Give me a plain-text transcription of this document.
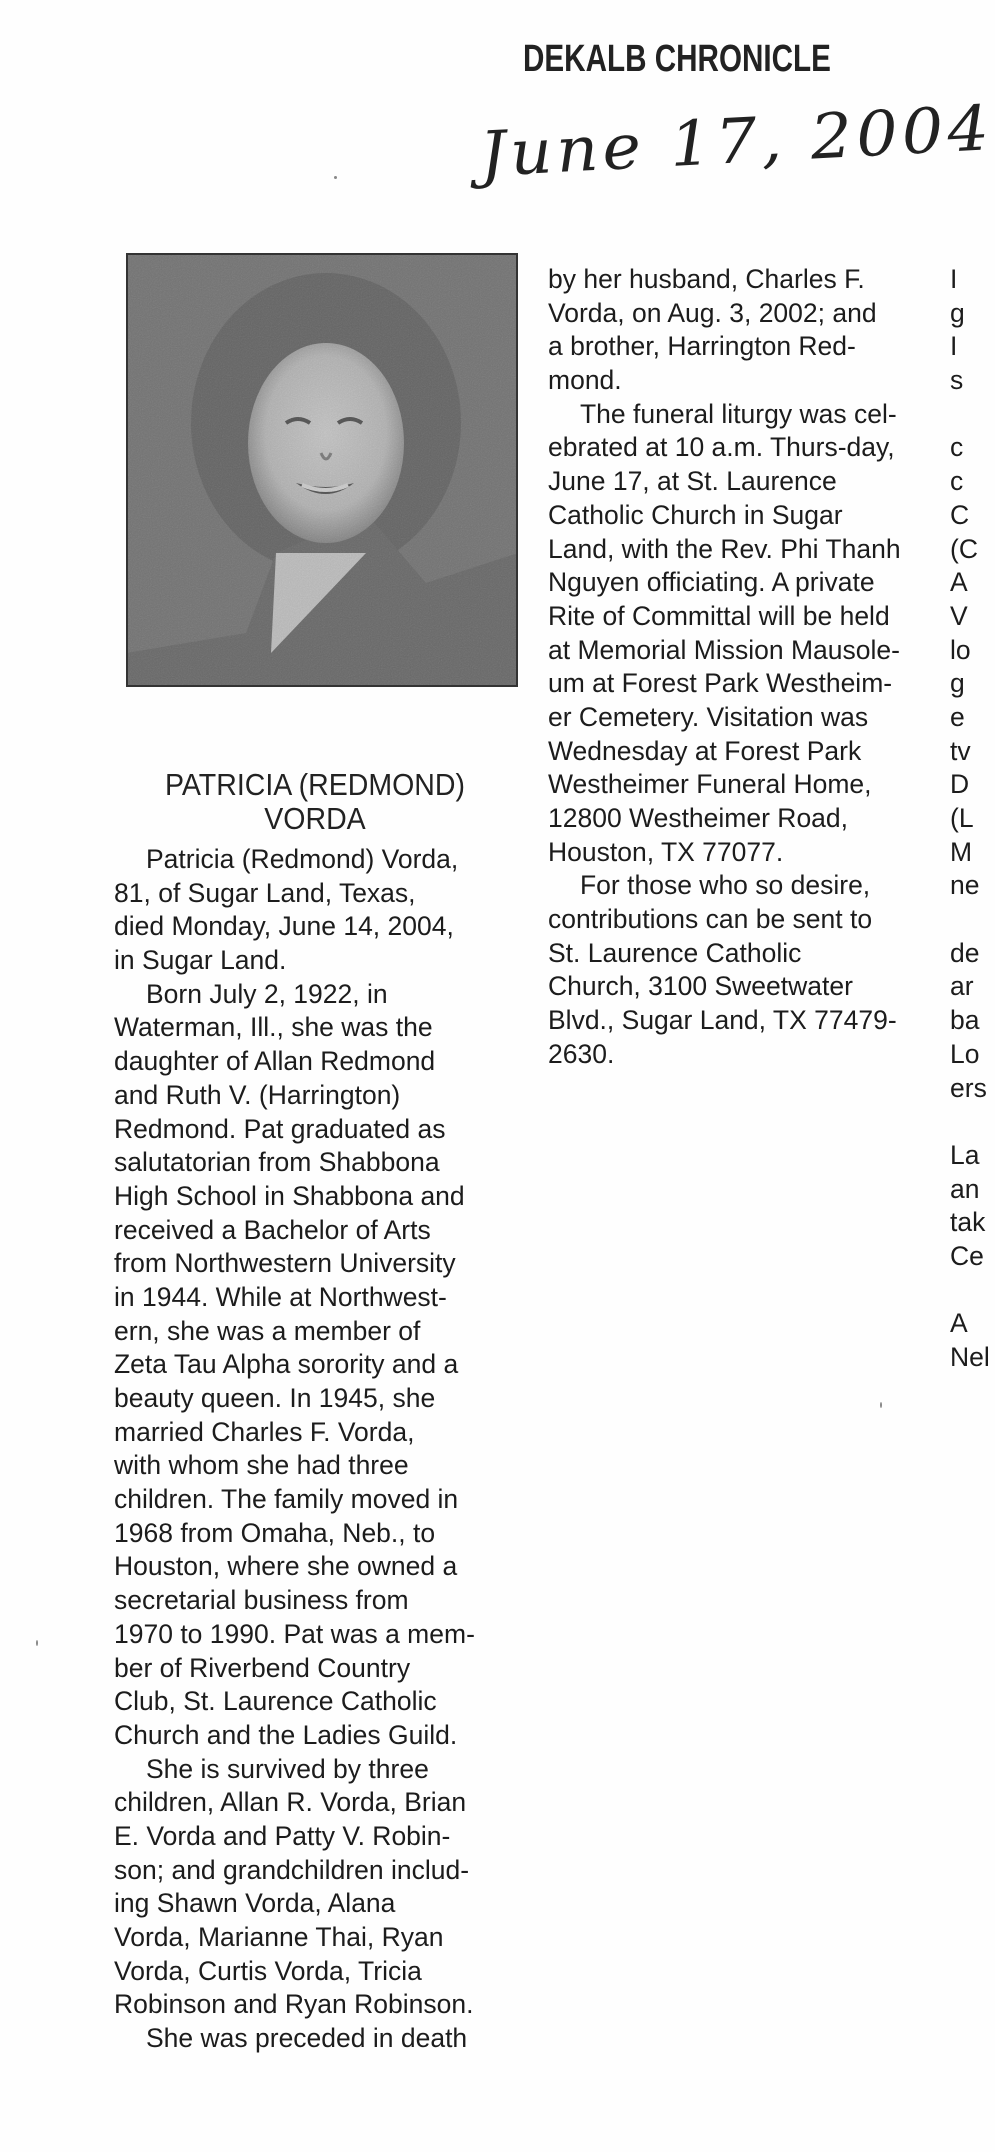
DEKALB CHRONICLE
June 17, 2004
PATRICIA (REDMOND)
VORDA
Patricia (Redmond) Vorda,
81, of Sugar Land, Texas,
died Monday, June 14, 2004,
in Sugar Land.
Born July 2, 1922, in
Waterman, Ill., she was the
daughter of Allan Redmond
and Ruth V. (Harrington)
Redmond. Pat graduated as
salutatorian from Shabbona
High School in Shabbona and
received a Bachelor of Arts
from Northwestern University
in 1944. While at Northwest-
ern, she was a member of
Zeta Tau Alpha sorority and a
beauty queen. In 1945, she
married Charles F. Vorda,
with whom she had three
children. The family moved in
1968 from Omaha, Neb., to
Houston, where she owned a
secretarial business from
1970 to 1990. Pat was a mem-
ber of Riverbend Country
Club, St. Laurence Catholic
Church and the Ladies Guild.
She is survived by three
children, Allan R. Vorda, Brian
E. Vorda and Patty V. Robin-
son; and grandchildren includ-
ing Shawn Vorda, Alana
Vorda, Marianne Thai, Ryan
Vorda, Curtis Vorda, Tricia
Robinson and Ryan Robinson.
She was preceded in death
by her husband, Charles F.
Vorda, on Aug. 3, 2002; and
a brother, Harrington Red-
mond.
The funeral liturgy was cel-
ebrated at 10 a.m. Thurs-day,
June 17, at St. Laurence
Catholic Church in Sugar
Land, with the Rev. Phi Thanh
Nguyen officiating. A private
Rite of Committal will be held
at Memorial Mission Mausole-
um at Forest Park Westheim-
er Cemetery. Visitation was
Wednesday at Forest Park
Westheimer Funeral Home,
12800 Westheimer Road,
Houston, TX 77077.
For those who so desire,
contributions can be sent to
St. Laurence Catholic
Church, 3100 Sweetwater
Blvd., Sugar Land, TX 77479-
2630.
I
g
I
s
c
c
C
(C
A
V
lo
g
e
tv
D
(L
M
ne
de
ar
ba
Lo
ers
La
an
tak
Ce
A
Nel
